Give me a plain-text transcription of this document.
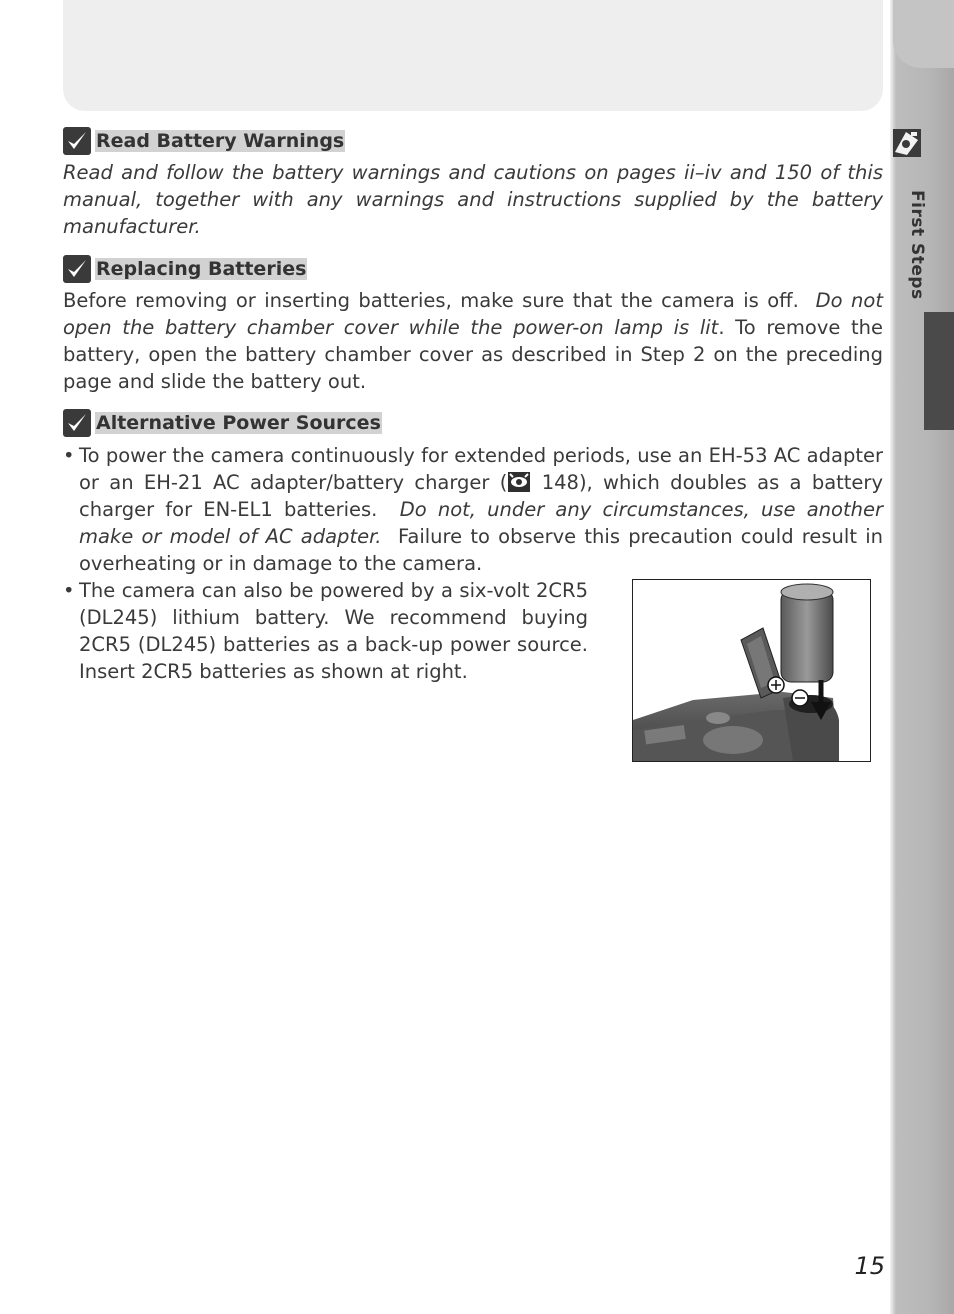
First Steps
Read Battery Warnings

Read and follow the battery warnings and cautions on pages ii–iv and 150 of this manual, together with any warnings and instructions supplied by the battery manufacturer.

Replacing Batteries

Before removing or inserting batteries, make sure that the camera is off. Do not open the battery chamber cover while the power-on lamp is lit. To remove the battery, open the battery chamber cover as described in Step 2 on the preceding page and slide the battery out.

Alternative Power Sources

• To power the camera continuously for extended periods, use an EH-53 AC adapter or an EH-21 AC adapter/battery charger ( 148), which doubles as a battery charger for EN-EL1 batteries. Do not, under any circumstances, use another make or model of AC adapter. Failure to observe this precaution could result in overheating or in damage to the camera.

• The camera can also be powered by a six-volt 2CR5 (DL245) lithium battery. We recommend buying 2CR5 (DL245) batteries as a back-up power source. Insert 2CR5 batteries as shown at right.

15
